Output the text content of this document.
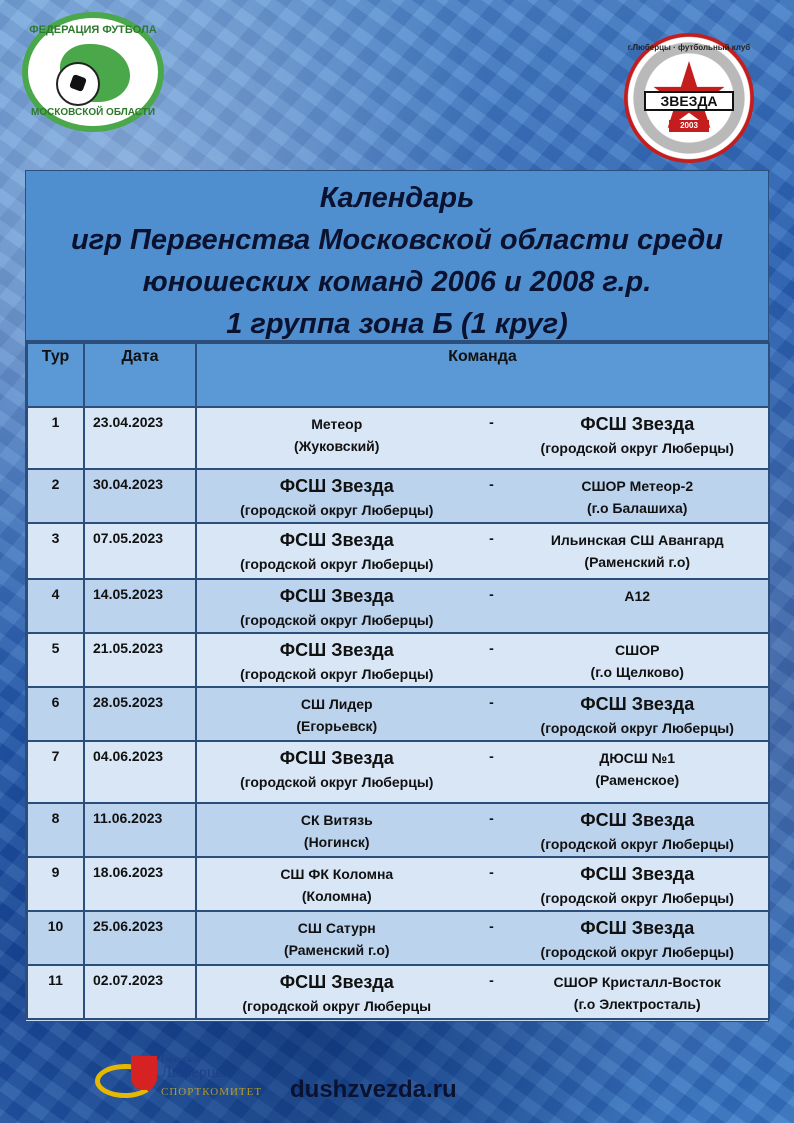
ФЕДЕРАЦИЯ ФУТБОЛА
МОСКОВСКОЙ ОБЛАСТИ
г.Люберцы · футбольный клуб
ЗВЕЗДА
2003
Календарь
игр Первенства Московской области среди
юношеских команд 2006 и 2008 г.р.
1 группа зона Б (1 круг)
Тур	Дата	Команда
1	23.04.2023	Метеор
(Жуковский)
- ФСШ Звезда
(городской округ Люберцы)

2	30.04.2023	ФСШ Звезда
(городской округ Люберцы)
- СШОР Метеор-2
(г.о Балашиха)

3	07.05.2023	ФСШ Звезда
(городской округ Люберцы)
- Ильинская СШ Авангард
(Раменский г.о)

4	14.05.2023	ФСШ Звезда
(городской округ Люберцы)
- А12

5	21.05.2023	ФСШ Звезда
(городской округ Люберцы)
- СШОР
(г.о Щелково)

6	28.05.2023	СШ Лидер
(Егорьевск)
- ФСШ Звезда
(городской округ Люберцы)

7	04.06.2023	ФСШ Звезда
(городской округ Люберцы)
- ДЮСШ №1
(Раменское)

8	11.06.2023	СК Витязь
(Ногинск)
- ФСШ Звезда
(городской округ Люберцы)

9	18.06.2023	СШ ФК Коломна
(Коломна)
- ФСШ Звезда
(городской округ Люберцы)

10	25.06.2023	СШ Сатурн
(Раменский г.о)
- ФСШ Звезда
(городской округ Люберцы)

11	02.07.2023	ФСШ Звезда
(городской округ Люберцы
- СШОР Кристалл-Восток
(г.о Электросталь)
Городской
Люберцы
СПОРТКОМИТЕТ dushzvezda.ru
